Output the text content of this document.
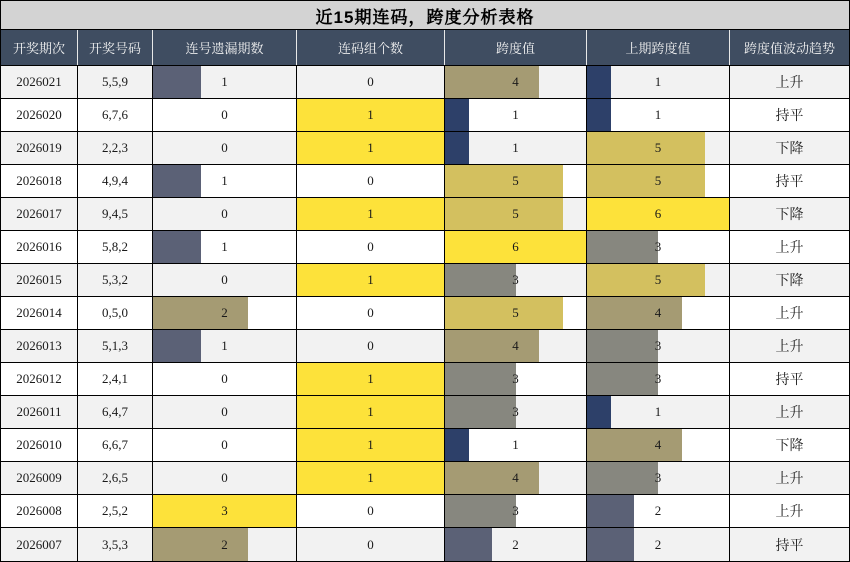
近15期连码，跨度分析表格
开奖期次	开奖号码	连号遗漏期数	连码组个数	跨度值	上期跨度值	跨度值波动趋势
2026021	5,5,9	1	0	4	1	上升
2026020	6,7,6	0	1	1	1	持平
2026019	2,2,3	0	1	1	5	下降
2026018	4,9,4	1	0	5	5	持平
2026017	9,4,5	0	1	5	6	下降
2026016	5,8,2	1	0	6	3	上升
2026015	5,3,2	0	1	3	5	下降
2026014	0,5,0	2	0	5	4	上升
2026013	5,1,3	1	0	4	3	上升
2026012	2,4,1	0	1	3	3	持平
2026011	6,4,7	0	1	3	1	上升
2026010	6,6,7	0	1	1	4	下降
2026009	2,6,5	0	1	4	3	上升
2026008	2,5,2	3	0	3	2	上升
2026007	3,5,3	2	0	2	2	持平
